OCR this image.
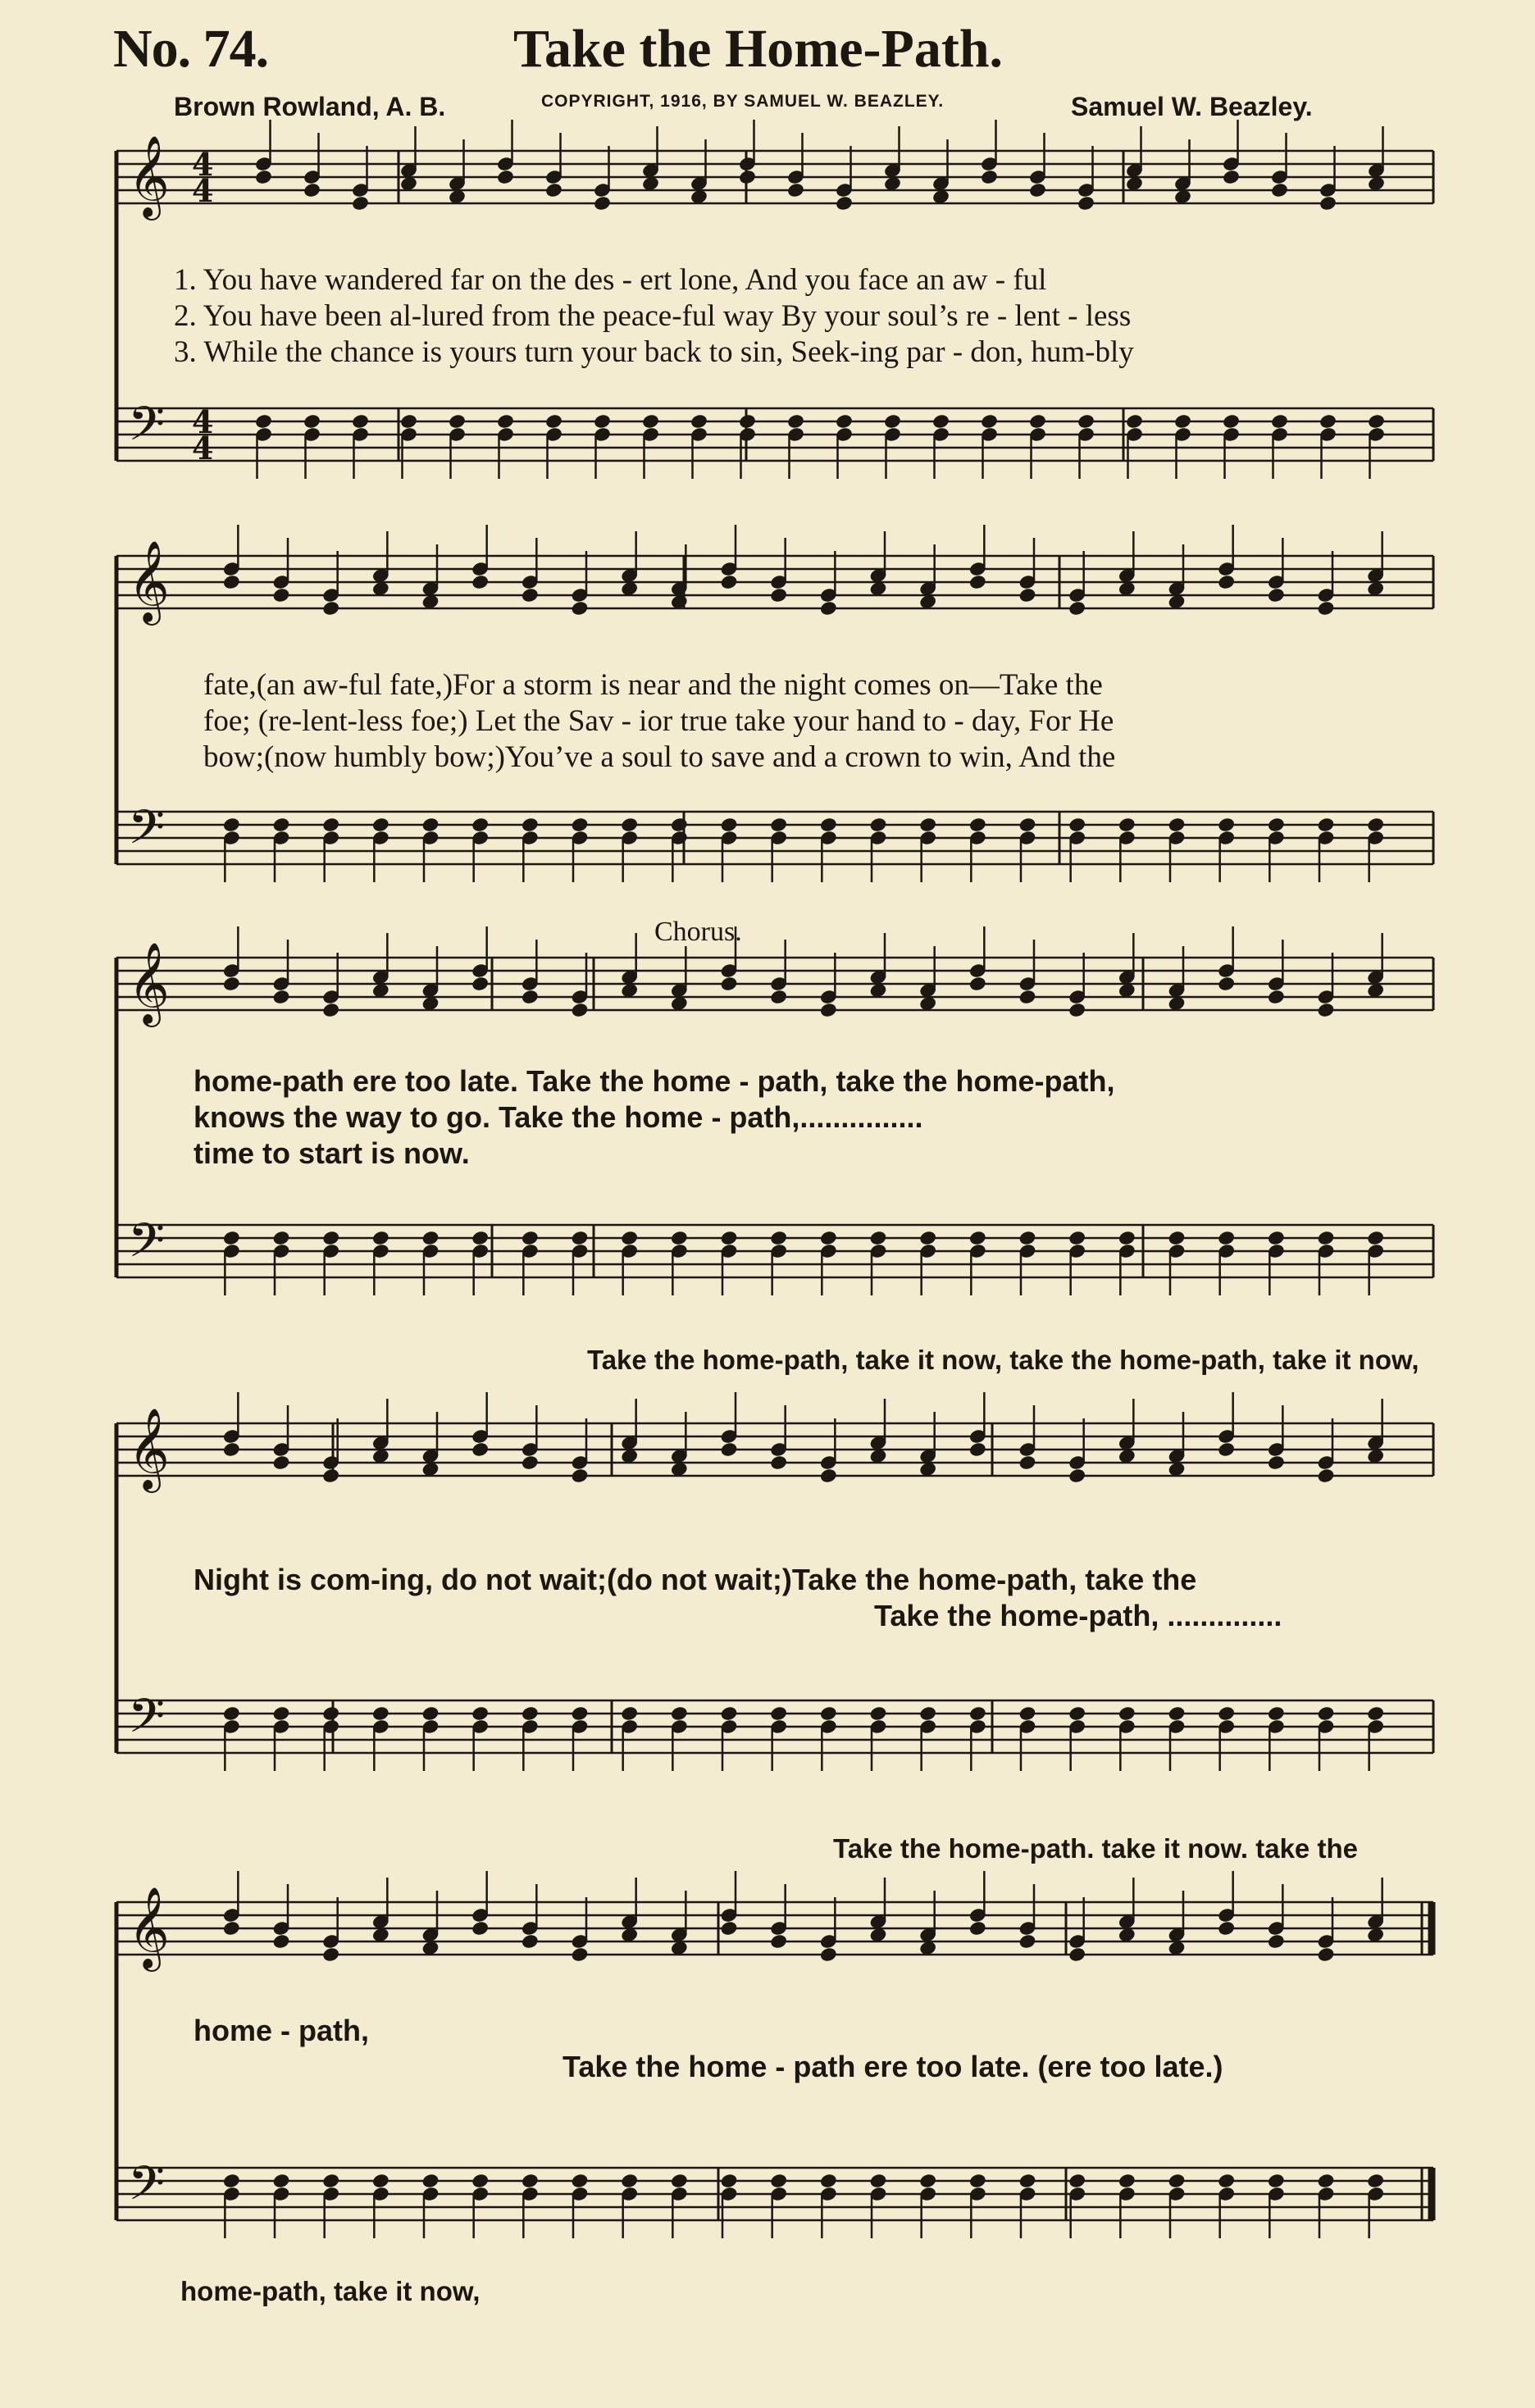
No. 74.	Take the Home-Path.
Brown Rowland, A. B.	COPYRIGHT, 1916, BY SAMUEL W. BEAZLEY.	Samuel W. Beazley.
𝄞
𝄢
4
4
4
4
𝄞
𝄢
𝄞
𝄢
𝄞
𝄢
𝄞
𝄢
1. You have wandered far on the des - ert lone, And you face an aw - ful
2. You have been al-lured from the peace-ful way By your soul’s re - lent - less
3. While the chance is yours turn your back to sin, Seek-ing par - don, hum-bly
fate,(an aw-ful fate,)For a storm is near and the night comes on—Take the
foe; (re-lent-less foe;) Let the Sav - ior true take your hand to - day, For He
bow;(now humbly bow;)You’ve a soul to save and a crown to win, And the
Chorus.
home-path ere too late. Take the home - path, take the home-path,
knows the way to go. Take the home - path,...............
time to start is now.
Take the home-path, take it now, take the home-path, take it now,
Night is com-ing, do not wait;(do not wait;)Take the home-path, take the
Take the home-path, ..............
Take the home-path. take it now. take the
home - path,
Take the home - path ere too late. (ere too late.)
home-path, take it now,
